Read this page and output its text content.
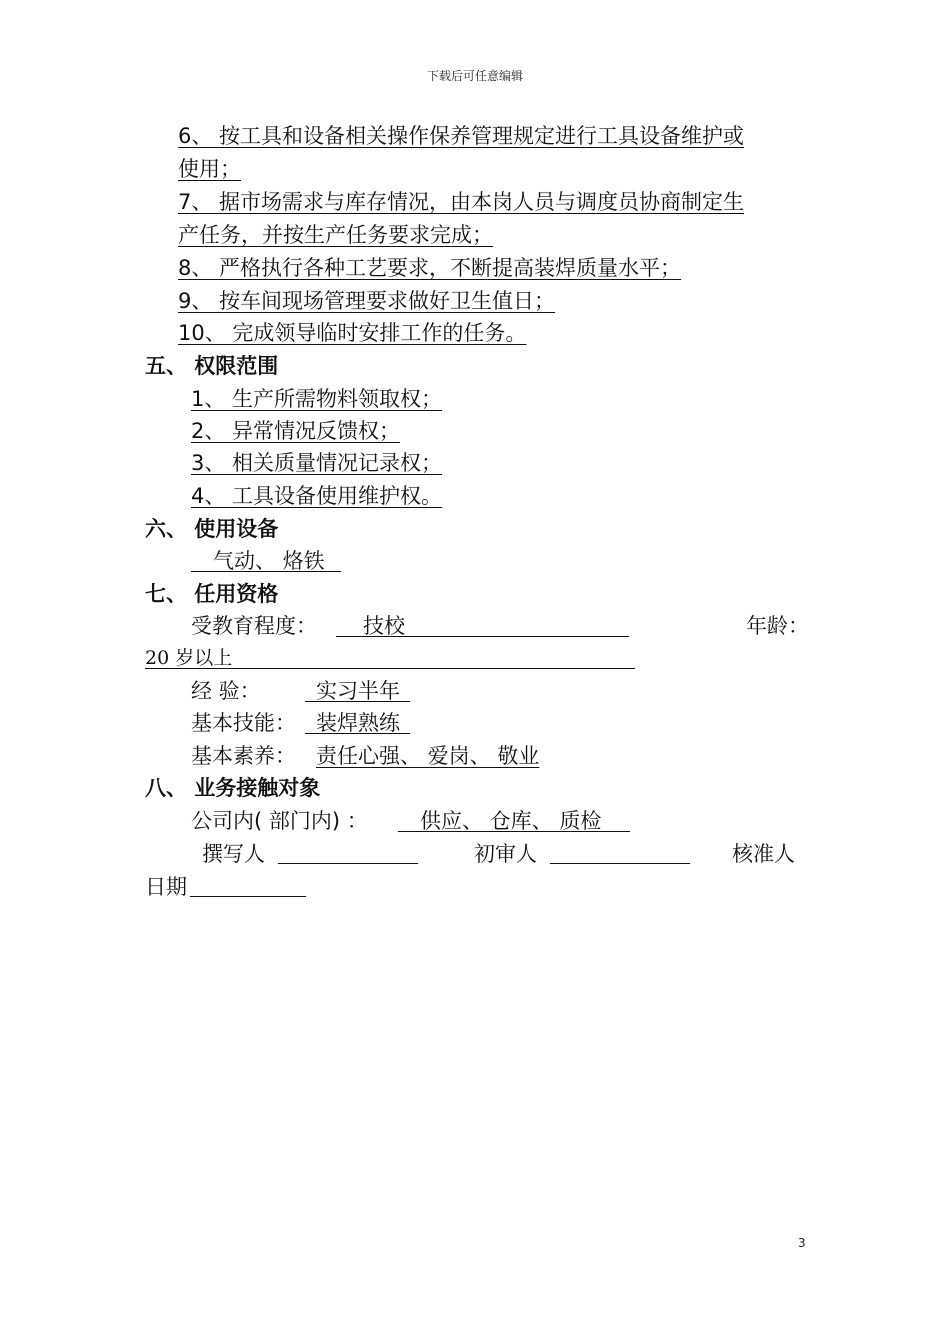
下载后可任意编辑
6、 按工具和设备相关操作保养管理规定进行工具设备维护或
使用；
7、 据市场需求与库存情况，由本岗人员与调度员协商制定生
产任务，并按生产任务要求完成；
8、 严格执行各种工艺要求，不断提高装焊质量水平；
9、 按车间现场管理要求做好卫生值日；
10、 完成领导临时安排工作的任务。
五、 权限范围
1、 生产所需物料领取权；
2、 异常情况反馈权；
3、 相关质量情况记录权；
4、 工具设备使用维护权。
六、 使用设备
气动、 烙铁
七、 任用资格
受教育程度： 技校	年龄：
20 岁以上
经 验：	实习半年
基本技能： 装焊熟练
基本素养： 责任心强、 爱岗、 敬业
八、 业务接触对象
公司内( 部门内) ： 供应、 仓库、 质检
撰写人	初审人	核准人
日期
3
